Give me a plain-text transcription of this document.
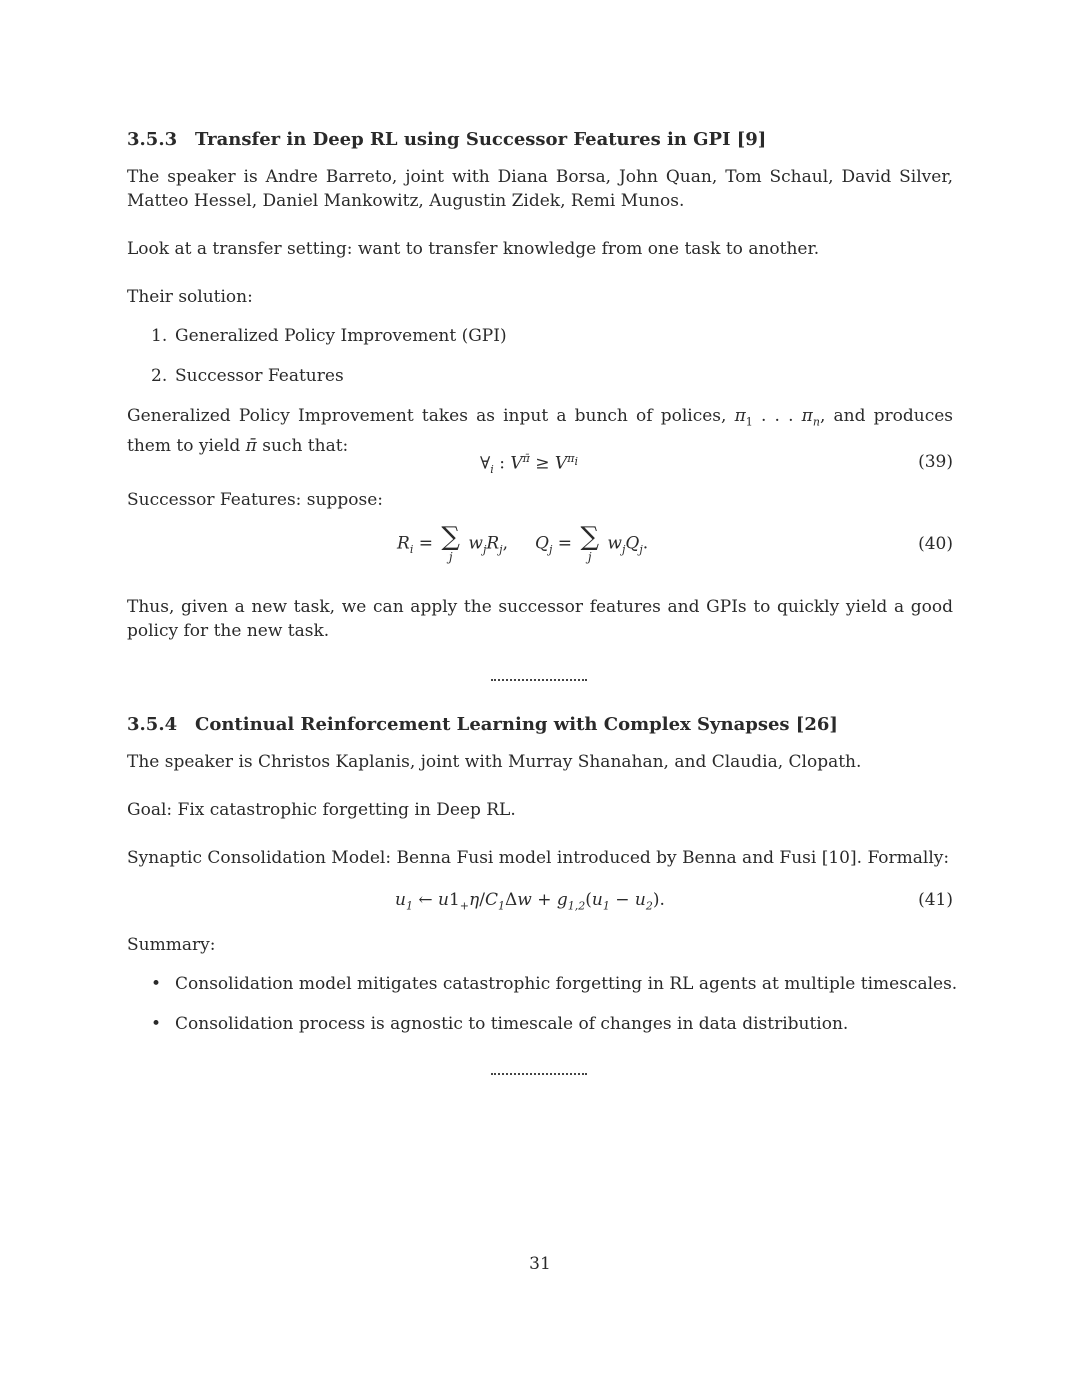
3.5.3 Transfer in Deep RL using Successor Features in GPI [9]
The speaker is Andre Barreto, joint with Diana Borsa, John Quan, Tom Schaul, David Silver, Matteo Hessel, Daniel Mankowitz, Augustin Zidek, Remi Munos.
Look at a transfer setting: want to transfer knowledge from one task to another.
Their solution:
1. Generalized Policy Improvement (GPI)
2. Successor Features
Generalized Policy Improvement takes as input a bunch of polices, $\pi_1$ . . . $\pi_n$, and produces them to yield π̄ such that:
$\forall_i$ : $V^{\pī} \ge V^{\pi_i}$	(39)
Successor Features: suppose:
$R_i$ = ∑
j
$w_jR_j$,     $Q_j$ = ∑
j
$w_jQ_j$.	(40)
Thus, given a new task, we can apply the successor features and GPIs to quickly yield a good policy for the new task.
3.5.4 Continual Reinforcement Learning with Complex Synapses [26]
The speaker is Christos Kaplanis, joint with Murray Shanahan, and Claudia, Clopath.
Goal: Fix catastrophic forgetting in Deep RL.
Synaptic Consolidation Model: Benna Fusi model introduced by Benna and Fusi [10]. Formally:
$u_1$ ← $u1_+\eta/C_1\Delta w + g_{1,2}(u_1 - u_2)$.	(41)
Summary:
• Consolidation model mitigates catastrophic forgetting in RL agents at multiple timescales.
• Consolidation process is agnostic to timescale of changes in data distribution.
31
